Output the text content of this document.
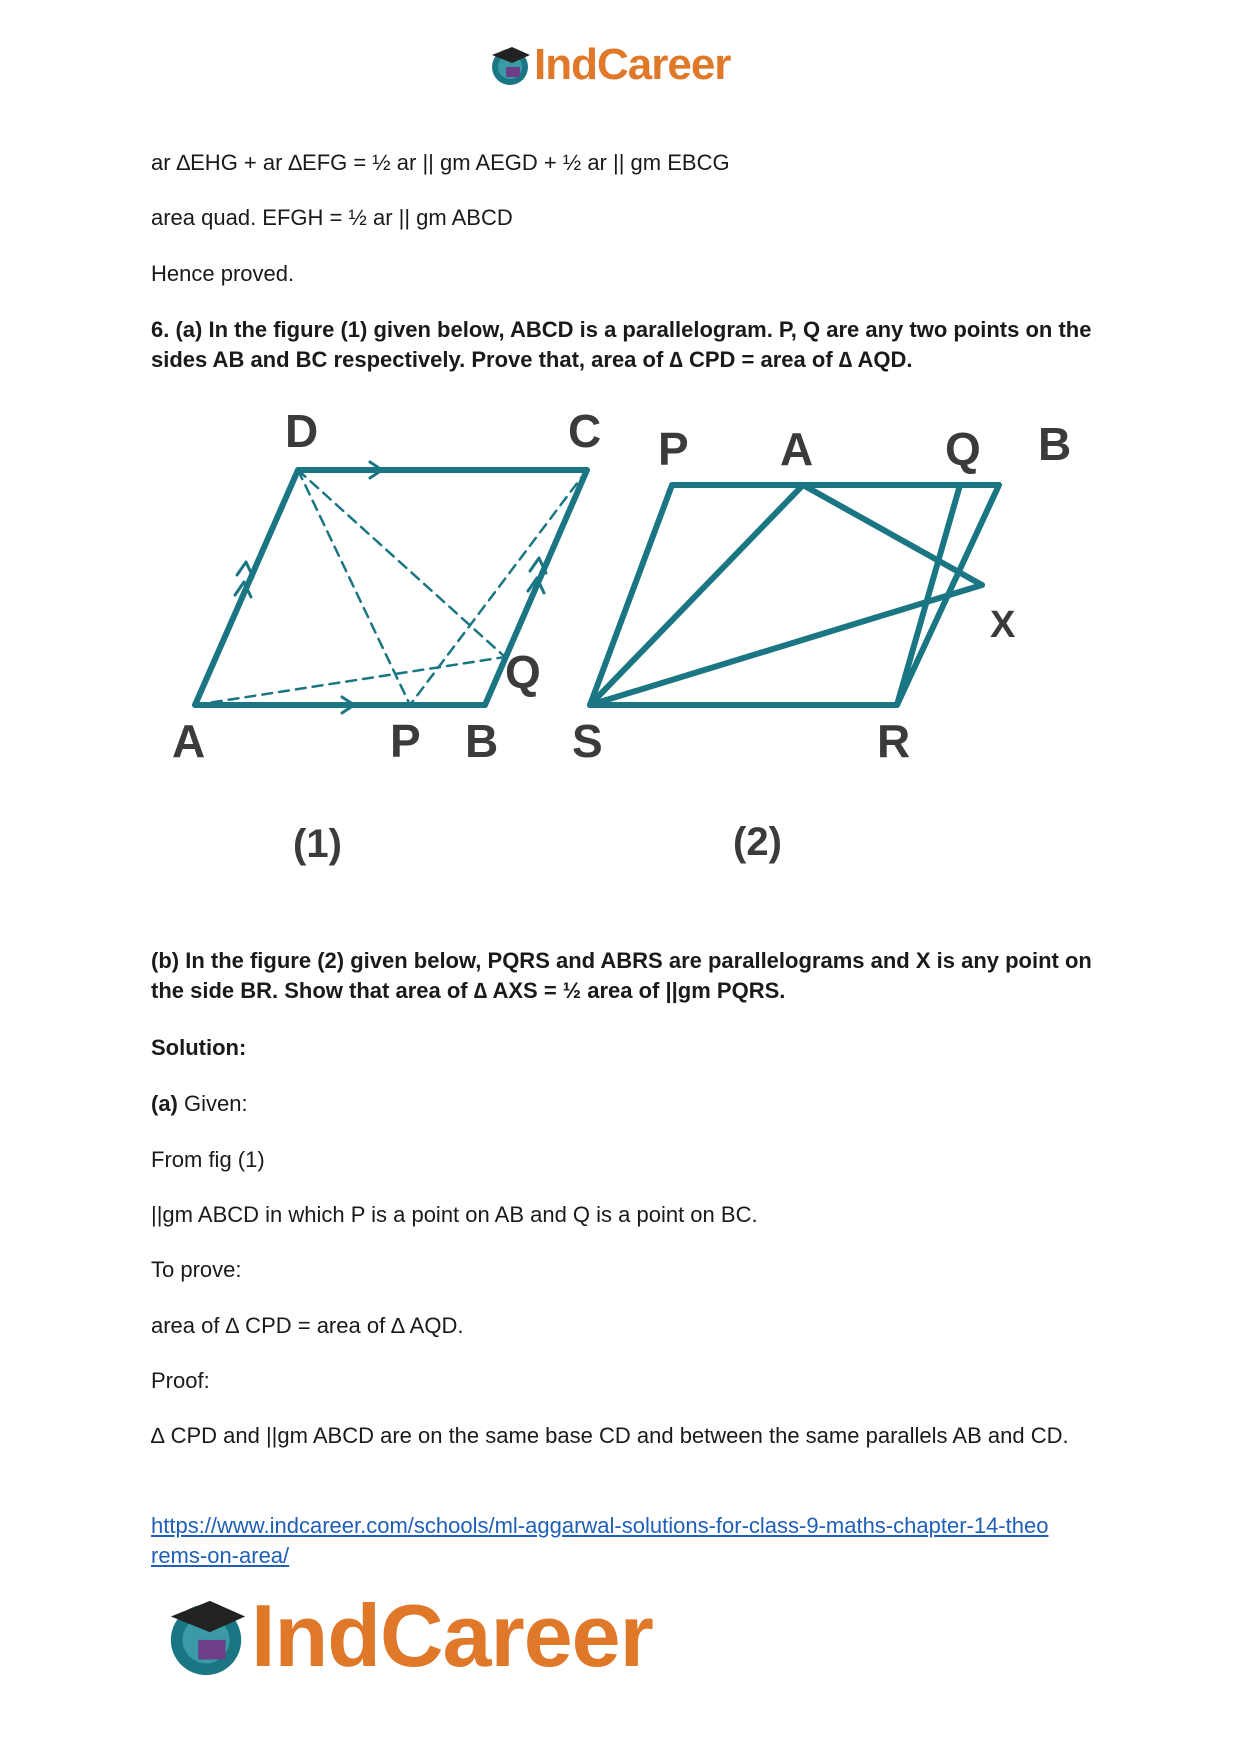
IndCareer

ar ∆EHG + ar ∆EFG = ½ ar || gm AEGD + ½ ar || gm EBCG

area quad. EFGH = ½ ar || gm ABCD

Hence proved.

6. (a) In the figure (1) given below, ABCD is a parallelogram. P, Q are any two points on the sides AB and BC respectively. Prove that, area of ∆ CPD = area of ∆ AQD.

D	C
A	P B
Q
(1)
P A	Q B
X
S	R
(2)

(b) In the figure (2) given below, PQRS and ABRS are parallelograms and X is any point on the side BR. Show that area of ∆ AXS = ½ area of ||gm PQRS.

Solution:

(a) Given:

From fig (1)

||gm ABCD in which P is a point on AB and Q is a point on BC.

To prove:

area of ∆ CPD = area of ∆ AQD.

Proof:

∆ CPD and ||gm ABCD are on the same base CD and between the same parallels AB and CD.

https://www.indcareer.com/schools/ml-aggarwal-solutions-for-class-9-maths-chapter-14-theo
rems-on-area/
IndCareer
